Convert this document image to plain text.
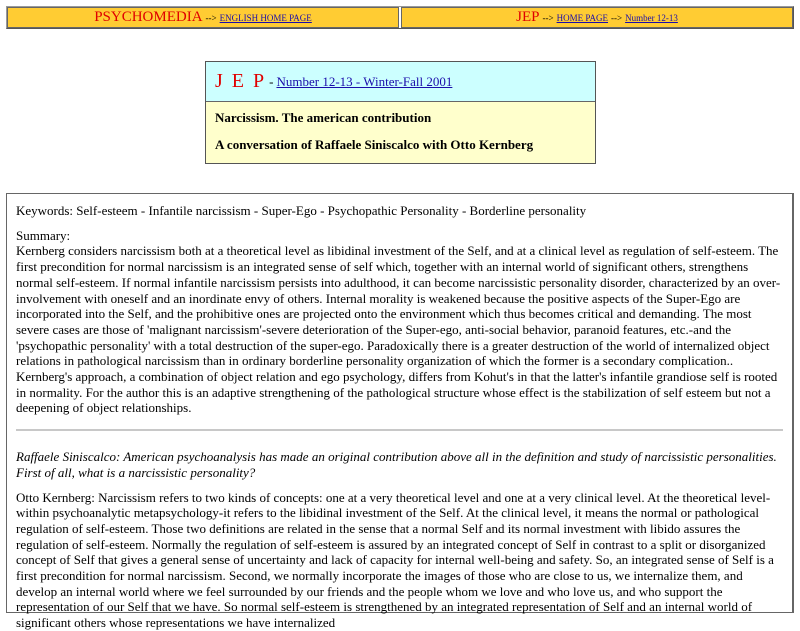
PSYCHOMEDIA --> ENGLISH HOME PAGE	JEP --> HOME PAGE --> Number 12-13
J E P - Number 12-13 - Winter-Fall 2001
Narcissism. The american contribution
A conversation of Raffaele Siniscalco with Otto Kernberg

Keywords: Self-esteem - Infantile narcissism - Super-Ego - Psychopathic Personality - Borderline personality

Summary:

Kernberg considers narcissism both at a theoretical level as libidinal investment of the Self, and at a clinical level as regulation of self-esteem. The first precondition for normal narcissism is an integrated sense of self which, together with an internal world of significant others, strengthens normal self-esteem. If normal infantile narcissism persists into adulthood, it can become narcissistic personality disorder, characterized by an over-involvement with oneself and an inordinate envy of others. Internal morality is weakened because the positive aspects of the Super-Ego are incorporated into the Self, and the prohibitive ones are projected onto the environment which thus becomes critical and demanding. The most severe cases are those of 'malignant narcissism'-severe deterioration of the Super-ego, anti-social behavior, paranoid features, etc.-and the 'psychopathic personality' with a total destruction of the super-ego. Paradoxically there is a greater destruction of the world of internalized object relations in pathological narcissism than in ordinary borderline personality organization of which the former is a secondary complication.. Kernberg's approach, a combination of object relation and ego psychology, differs from Kohut's in that the latter's infantile grandiose self is rooted in normality. For the author this is an adaptive strengthening of the pathological structure whose effect is the stabilization of self esteem but not a deepening of object relationships.

Raffaele Siniscalco: American psychoanalysis has made an original contribution above all in the definition and study of narcissistic personalities. First of all, what is a narcissistic personality?

Otto Kernberg: Narcissism refers to two kinds of concepts: one at a very theoretical level and one at a very clinical level. At the theoretical level-within psychoanalytic metapsychology-it refers to the libidinal investment of the Self. At the clinical level, it means the normal or pathological regulation of self-esteem. Those two definitions are related in the sense that a normal Self and its normal investment with libido assures the regulation of self-esteem. Normally the regulation of self-esteem is assured by an integrated concept of Self in contrast to a split or disorganized concept of Self that gives a general sense of uncertainty and lack of capacity for internal well-being and safety. So, an integrated sense of Self is a first precondition for normal narcissism. Second, we normally incorporate the images of those who are close to us, we internalize them, and develop an internal world where we feel surrounded by our friends and the people whom we love and who love us, and who support the representation of our Self that we have. So normal self-esteem is strengthened by an integrated representation of Self and an internal world of significant others whose representations we have internalized
